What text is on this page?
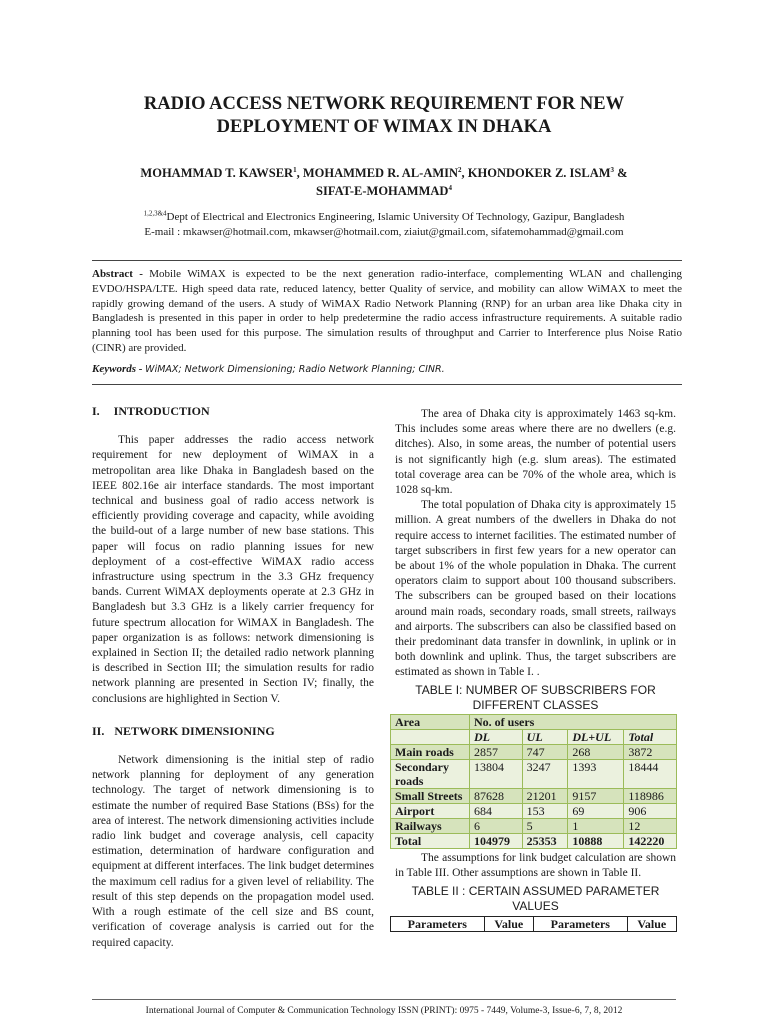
RADIO ACCESS NETWORK REQUIREMENT FOR NEW
DEPLOYMENT OF WIMAX IN DHAKA
MOHAMMAD T. KAWSER$^1$, MOHAMMED R. AL-AMIN$^2$, KHONDOKER Z. ISLAM$^3$ &
SIFAT-E-MOHAMMAD$^4$
$^{1,2,3\&4}$Dept of Electrical and Electronics Engineering, Islamic University Of Technology, Gazipur, Bangladesh
E-mail : mkawser@hotmail.com, mkawser@hotmail.com, ziaiut@gmail.com, sifatemohammad@gmail.com
Abstract - Mobile WiMAX is expected to be the next generation radio-interface, complementing WLAN and challenging EVDO/HSPA/LTE. High speed data rate, reduced latency, better Quality of service, and mobility can allow WiMAX to meet the rapidly growing demand of the users. A study of WiMAX Radio Network Planning (RNP) for an urban area like Dhaka city in Bangladesh is presented in this paper in order to help predetermine the radio access infrastructure requirements. A suitable radio planning tool has been used for this purpose. The simulation results of throughput and Carrier to Interference plus Noise Ratio (CINR) are provided.
Keywords - WiMAX; Network Dimensioning; Radio Network Planning; CINR.
I. INTRODUCTION

This paper addresses the radio access network requirement for new deployment of WiMAX in a metropolitan area like Dhaka in Bangladesh based on the IEEE 802.16e air interface standards. The most important technical and business goal of radio access network is efficiently providing coverage and capacity, while avoiding the build-out of a large number of new base stations. This paper will focus on radio planning issues for new deployment of a cost-effective WiMAX radio access infrastructure using spectrum in the 3.3 GHz frequency bands. Current WiMAX deployments operate at 2.3 GHz in Bangladesh but 3.3 GHz is a likely carrier frequency for future spectrum allocation for WiMAX in Bangladesh. The paper organization is as follows: network dimensioning is explained in Section II; the detailed radio network planning is described in Section III; the simulation results for radio network planning are presented in Section IV; finally, the conclusions are highlighted in Section V.

II. NETWORK DIMENSIONING

Network dimensioning is the initial step of radio network planning for deployment of any generation technology. The target of network dimensioning is to estimate the number of required Base Stations (BSs) for the area of interest. The network dimensioning activities include radio link budget and coverage analysis, cell capacity estimation, determination of hardware configuration and equipment at different interfaces. The link budget determines the maximum cell radius for a given level of reliability. The result of this step depends on the propagation model used. With a rough estimate of the cell size and BS count, verification of coverage analysis is carried out for the required capacity.

The area of Dhaka city is approximately 1463 sq-km. This includes some areas where there are no dwellers (e.g. ditches). Also, in some areas, the number of potential users is not significantly high (e.g. slum areas). The estimated total coverage area can be 70% of the whole area, which is 1028 sq-km.

The total population of Dhaka city is approximately 15 million. A great numbers of the dwellers in Dhaka do not require access to internet facilities. The estimated number of target subscribers in first few years for a new operator can be about 1% of the whole population in Dhaka. The current operators claim to support about 100 thousand subscribers. The subscribers can be grouped based on their locations around main roads, secondary roads, small streets, railways and airports. The subscribers can also be classified based on their predominant data transfer in downlink, in uplink or in both downlink and uplink. Thus, the target subscribers are estimated as shown in Table I. .

TABLE I: NUMBER OF SUBSCRIBERS FOR
DIFFERENT CLASSES
Area	No. of users			
	DL	UL	DL+UL	Total
Main roads	2857	747	268	3872
Secondary roads	13804	3247	1393	18444
Small Streets	87628	21201	9157	118986
Airport	684	153	69	906
Railways	6	5	1	12
Total	104979	25353	10888	142220

The assumptions for link budget calculation are shown in Table III. Other assumptions are shown in Table II.

TABLE II : CERTAIN ASSUMED PARAMETER
VALUES
Parameters	Value	Parameters	Value
International Journal of Computer & Communication Technology ISSN (PRINT): 0975 - 7449, Volume-3, Issue-6, 7, 8, 2012
